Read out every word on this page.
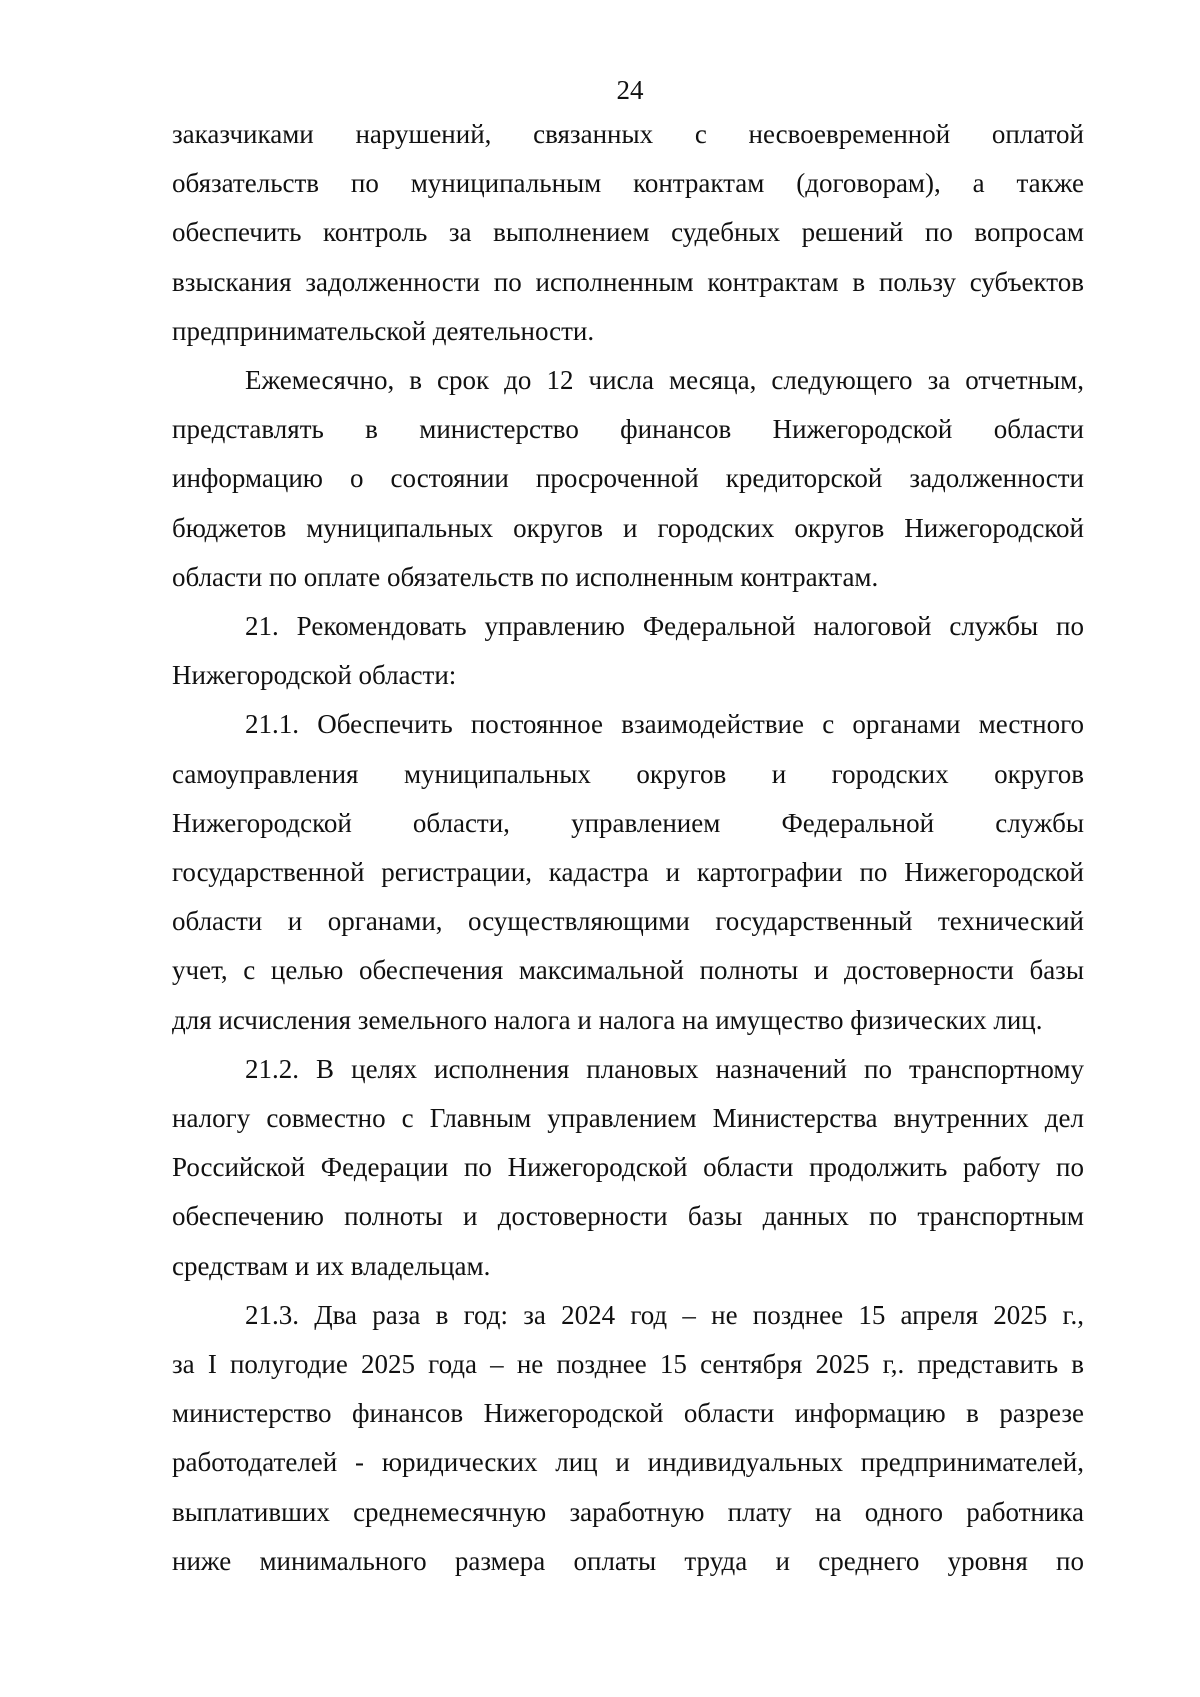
24
заказчиками нарушений, связанных с несвоевременной оплатой
обязательств по муниципальным контрактам (договорам), а также
обеспечить контроль за выполнением судебных решений по вопросам
взыскания задолженности по исполненным контрактам в пользу субъектов
предпринимательской деятельности.
Ежемесячно, в срок до 12 числа месяца, следующего за отчетным,
представлять в министерство финансов Нижегородской области
информацию о состоянии просроченной кредиторской задолженности
бюджетов муниципальных округов и городских округов Нижегородской
области по оплате обязательств по исполненным контрактам.
21. Рекомендовать управлению Федеральной налоговой службы по
Нижегородской области:
21.1. Обеспечить постоянное взаимодействие с органами местного
самоуправления муниципальных округов и городских округов
Нижегородской области, управлением Федеральной службы
государственной регистрации, кадастра и картографии по Нижегородской
области и органами, осуществляющими государственный технический
учет, с целью обеспечения максимальной полноты и достоверности базы
для исчисления земельного налога и налога на имущество физических лиц.
21.2. В целях исполнения плановых назначений по транспортному
налогу совместно с Главным управлением Министерства внутренних дел
Российской Федерации по Нижегородской области продолжить работу по
обеспечению полноты и достоверности базы данных по транспортным
средствам и их владельцам.
21.3. Два раза в год: за 2024 год – не позднее 15 апреля 2025 г.,
за I полугодие 2025 года – не позднее 15 сентября 2025 г,. представить в
министерство финансов Нижегородской области информацию в разрезе
работодателей - юридических лиц и индивидуальных предпринимателей,
выплативших среднемесячную заработную плату на одного работника
ниже минимального размера оплаты труда и среднего уровня по
